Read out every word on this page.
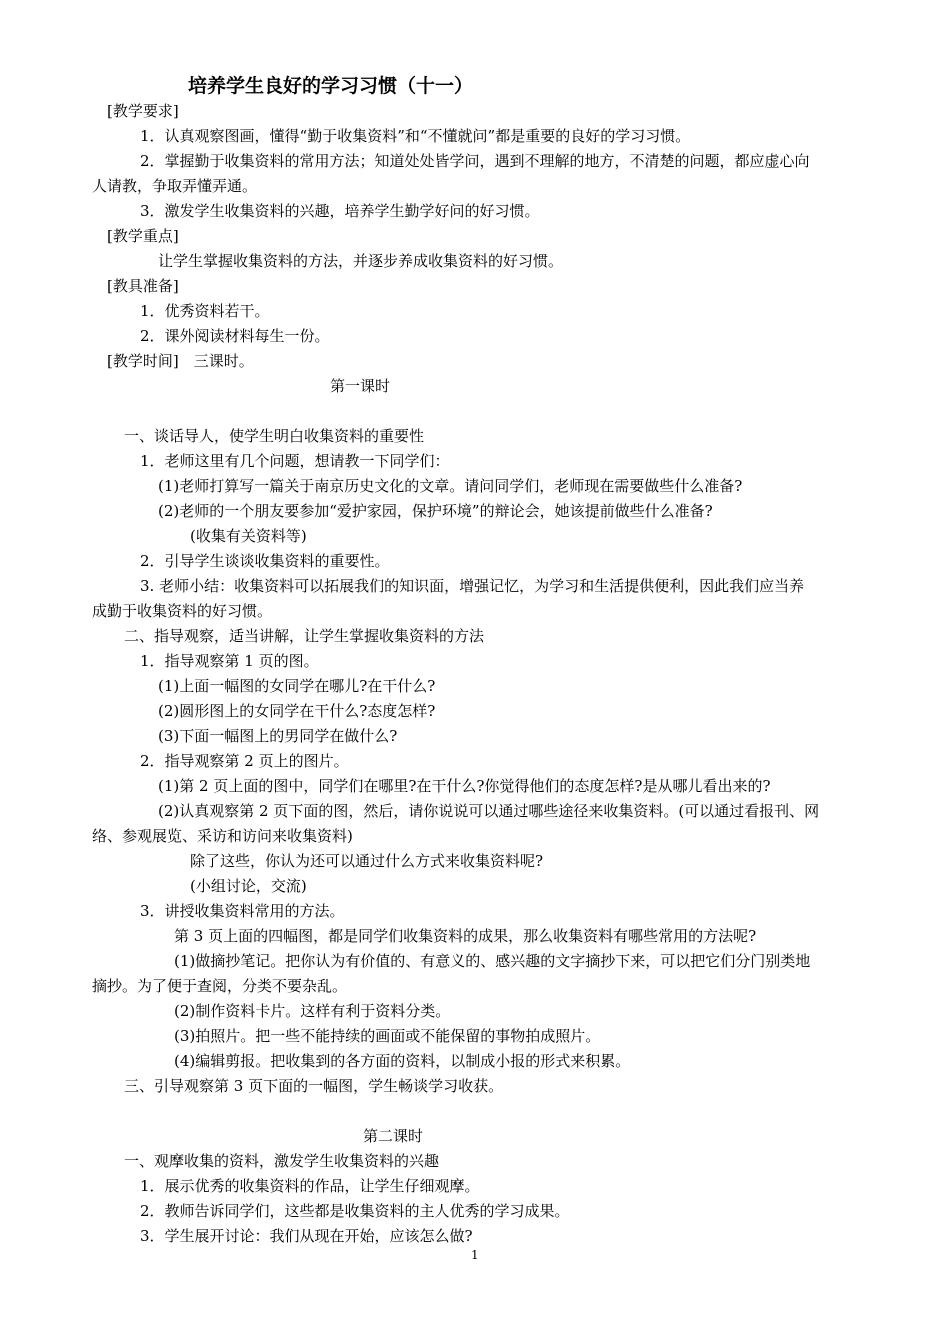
培养学生良好的学习习惯（十一）
[教学要求]
1．认真观察图画，懂得“勤于收集资料”和“不懂就问”都是重要的良好的学习习惯。
2．掌握勤于收集资料的常用方法；知道处处皆学问，遇到不理解的地方，不清楚的问题，都应虚心向
人请教，争取弄懂弄通。
3．激发学生收集资料的兴趣，培养学生勤学好问的好习惯。
[教学重点]
让学生掌握收集资料的方法，并逐步养成收集资料的好习惯。
[教具准备]
1．优秀资料若干。
2．课外阅读材料每生一份。
[教学时间]　三课时。
第一课时
一、谈话导人，使学生明白收集资料的重要性
1．老师这里有几个问题，想请教一下同学们：
(1)老师打算写一篇关于南京历史文化的文章。请问同学们，老师现在需要做些什么准备?
(2)老师的一个朋友要参加“爱护家园，保护环境”的辩论会，她该提前做些什么准备?
(收集有关资料等)
2．引导学生谈谈收集资料的重要性。
3. 老师小结：收集资料可以拓展我们的知识面，增强记忆，为学习和生活提供便利，因此我们应当养
成勤于收集资料的好习惯。
二、指导观察，适当讲解，让学生掌握收集资料的方法
1．指导观察第 1 页的图。
(1)上面一幅图的女同学在哪儿?在干什么?
(2)圆形图上的女同学在干什么?态度怎样?
(3)下面一幅图上的男同学在做什么?
2．指导观察第 2 页上的图片。
(1)第 2 页上面的图中，同学们在哪里?在干什么?你觉得他们的态度怎样?是从哪儿看出来的?
(2)认真观察第 2 页下面的图，然后，请你说说可以通过哪些途径来收集资料。(可以通过看报刊、网
络、参观展览、采访和访问来收集资料)
除了这些，你认为还可以通过什么方式来收集资料呢?
(小组讨论，交流)
3．讲授收集资料常用的方法。
第 3 页上面的四幅图，都是同学们收集资料的成果，那么收集资料有哪些常用的方法呢?
(1)做摘抄笔记。把你认为有价值的、有意义的、感兴趣的文字摘抄下来，可以把它们分门别类地
摘抄。为了便于查阅，分类不要杂乱。
(2)制作资料卡片。这样有利于资料分类。
(3)拍照片。把一些不能持续的画面或不能保留的事物拍成照片。
(4)编辑剪报。把收集到的各方面的资料，以制成小报的形式来积累。
三、引导观察第 3 页下面的一幅图，学生畅谈学习收获。
第二课时
一、观摩收集的资料，激发学生收集资料的兴趣
1．展示优秀的收集资料的作品，让学生仔细观摩。
2．教师告诉同学们，这些都是收集资料的主人优秀的学习成果。
3．学生展开讨论：我们从现在开始，应该怎么做?
1
